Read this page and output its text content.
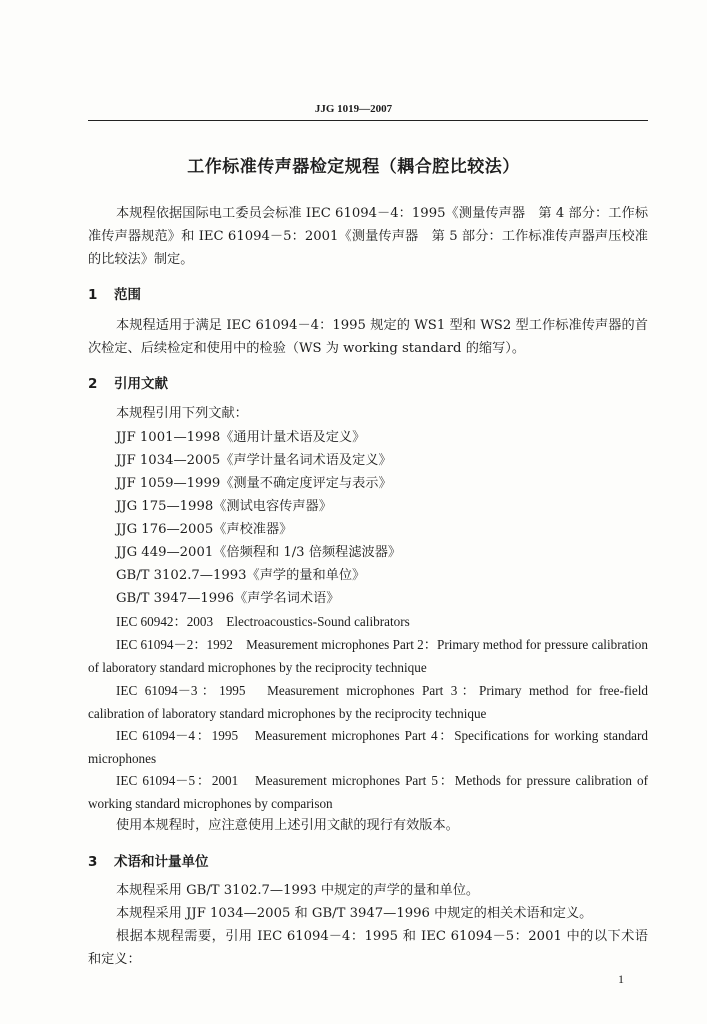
JJG 1019—2007
工作标准传声器检定规程（耦合腔比较法）
本规程依据国际电工委员会标准 IEC 61094－4：1995《测量传声器　第 4 部分：工作标准传声器规范》和 IEC 61094－5：2001《测量传声器　第 5 部分：工作标准传声器声压校准的比较法》制定。
1 范围
本规程适用于满足 IEC 61094－4：1995 规定的 WS1 型和 WS2 型工作标准传声器的首次检定、后续检定和使用中的检验（WS 为 working standard 的缩写）。
2 引用文献
本规程引用下列文献：
JJF 1001—1998《通用计量术语及定义》
JJF 1034—2005《声学计量名词术语及定义》
JJF 1059—1999《测量不确定度评定与表示》
JJG 175—1998《测试电容传声器》
JJG 176—2005《声校准器》
JJG 449—2001《倍频程和 1/3 倍频程滤波器》
GB/T 3102.7—1993《声学的量和单位》
GB/T 3947—1996《声学名词术语》
IEC 60942：2003　Electroacoustics-Sound calibrators
IEC 61094－2：1992　Measurement microphones Part 2：Primary method for pressure calibration of laboratory standard microphones by the reciprocity technique
IEC 61094－3：1995　Measurement microphones Part 3：Primary method for free-field calibration of laboratory standard microphones by the reciprocity technique
IEC 61094－4：1995　Measurement microphones Part 4：Specifications for working standard microphones
IEC 61094－5：2001　Measurement microphones Part 5：Methods for pressure calibration of working standard microphones by comparison
使用本规程时，应注意使用上述引用文献的现行有效版本。
3 术语和计量单位
本规程采用 GB/T 3102.7—1993 中规定的声学的量和单位。
本规程采用 JJF 1034—2005 和 GB/T 3947—1996 中规定的相关术语和定义。
根据本规程需要，引用 IEC 61094－4：1995 和 IEC 61094－5：2001 中的以下术语和定义：
1
